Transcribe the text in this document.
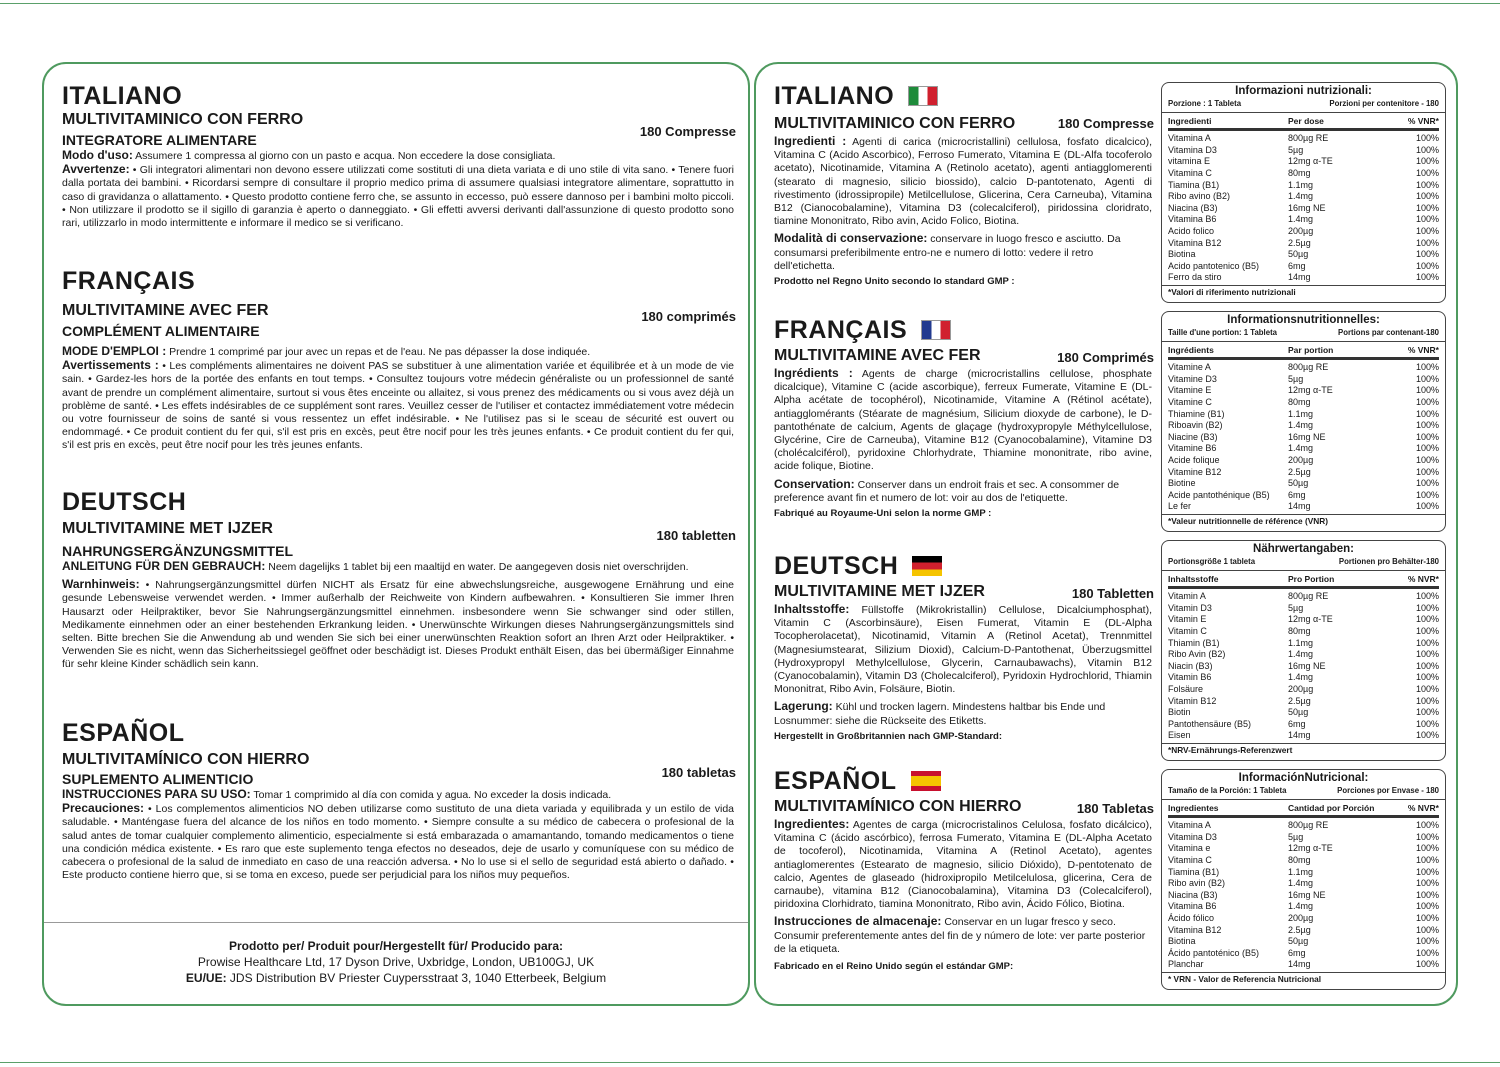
ITALIANO
MULTIVITAMINICO CON FERRO
180 Compresse
INTEGRATORE ALIMENTARE
Modo d'uso: Assumere 1 compressa al giorno con un pasto e acqua. Non eccedere la dose consigliata.
Avvertenze: • Gli integratori alimentari non devono essere utilizzati come sostituti di una dieta variata e di uno stile di vita sano. • Tenere fuori dalla portata dei bambini. • Ricordarsi sempre di consultare il proprio medico prima di assumere qualsiasi integratore alimentare, soprattutto in caso di gravidanza o allattamento. • Questo prodotto contiene ferro che, se assunto in eccesso, può essere dannoso per i bambini molto piccoli. • Non utilizzare il prodotto se il sigillo di garanzia è aperto o danneggiato. • Gli effetti avversi derivanti dall'assunzione di questo prodotto sono rari, utilizzarlo in modo intermittente e informare il medico se si verificano.
FRANÇAIS
MULTIVITAMINE AVEC FER	180 comprimés
COMPLÉMENT ALIMENTAIRE
MODE D'EMPLOI : Prendre 1 comprimé par jour avec un repas et de l'eau. Ne pas dépasser la dose indiquée.
Avertissements : • Les compléments alimentaires ne doivent PAS se substituer à une alimentation variée et équilibrée et à un mode de vie sain. • Gardez-les hors de la portée des enfants en tout temps. • Consultez toujours votre médecin généraliste ou un professionnel de santé avant de prendre un complément alimentaire, surtout si vous êtes enceinte ou allaitez, si vous prenez des médicaments ou si vous avez déjà un problème de santé. • Les effets indésirables de ce supplément sont rares. Veuillez cesser de l'utiliser et contactez immédiatement votre médecin ou votre fournisseur de soins de santé si vous ressentez un effet indésirable. • Ne l'utilisez pas si le sceau de sécurité est ouvert ou endommagé. • Ce produit contient du fer qui, s'il est pris en excès, peut être nocif pour les très jeunes enfants. • Ce produit contient du fer qui, s'il est pris en excès, peut être nocif pour les très jeunes enfants.
DEUTSCH
MULTIVITAMINE MET IJZER	180 tabletten
NAHRUNGSERGÄNZUNGSMITTEL
ANLEITUNG FÜR DEN GEBRAUCH: Neem dagelijks 1 tablet bij een maaltijd en water. De aangegeven dosis niet overschrijden.
Warnhinweis: • Nahrungsergänzungsmittel dürfen NICHT als Ersatz für eine abwechslungsreiche, ausgewogene Ernährung und eine gesunde Lebensweise verwendet werden. • Immer außerhalb der Reichweite von Kindern aufbewahren. • Konsultieren Sie immer Ihren Hausarzt oder Heilpraktiker, bevor Sie Nahrungsergänzungsmittel einnehmen. insbesondere wenn Sie schwanger sind oder stillen, Medikamente einnehmen oder an einer bestehenden Erkrankung leiden. • Unerwünschte Wirkungen dieses Nahrungsergänzungsmittels sind selten. Bitte brechen Sie die Anwendung ab und wenden Sie sich bei einer unerwünschten Reaktion sofort an Ihren Arzt oder Heilpraktiker. • Verwenden Sie es nicht, wenn das Sicherheitssiegel geöffnet oder beschädigt ist. Dieses Produkt enthält Eisen, das bei übermäßiger Einnahme für sehr kleine Kinder schädlich sein kann.
ESPAÑOL
MULTIVITAMÍNICO CON HIERRO
180 tabletas
SUPLEMENTO ALIMENTICIO
INSTRUCCIONES PARA SU USO: Tomar 1 comprimido al día con comida y agua. No exceder la dosis indicada.
Precauciones: • Los complementos alimenticios NO deben utilizarse como sustituto de una dieta variada y equilibrada y un estilo de vida saludable. • Manténgase fuera del alcance de los niños en todo momento. • Siempre consulte a su médico de cabecera o profesional de la salud antes de tomar cualquier complemento alimenticio, especialmente si está embarazada o amamantando, tomando medicamentos o tiene una condición médica existente. • Es raro que este suplemento tenga efectos no deseados, deje de usarlo y comuníquese con su médico de cabecera o profesional de la salud de inmediato en caso de una reacción adversa. • No lo use si el sello de seguridad está abierto o dañado. • Este producto contiene hierro que, si se toma en exceso, puede ser perjudicial para los niños muy pequeños.
Prodotto per/ Produit pour/Hergestellt für/ Producido para:
Prowise Healthcare Ltd, 17 Dyson Drive, Uxbridge, London, UB100GJ, UK
EU/UE: JDS Distribution BV Priester Cuypersstraat 3, 1040 Etterbeek, Belgium
ITALIANO
MULTIVITAMINICO CON FERRO	180 Compresse
Ingredienti : Agenti di carica (microcristallini) cellulosa, fosfato dicalcico), Vitamina C (Acido Ascorbico), Ferroso Fumerato, Vitamina E (DL-Alfa tocoferolo acetato), Nicotinamide, Vitamina A (Retinolo acetato), agenti antiagglomerenti (stearato di magnesio, silicio biossido), calcio D-pantotenato, Agenti di rivestimento (idrossipropile) Metilcellulose, Glicerina, Cera Carneuba), Vitamina B12 (Cianocobalamine), Vitamina D3 (colecalciferol), piridossina cloridrato, tiamine Mononitrato, Ribo avin, Acido Folico, Biotina.
Modalità di conservazione: conservare in luogo fresco e asciutto. Da consumarsi preferibilmente entro-ne e numero di lotto: vedere il retro dell'etichetta.
Prodotto nel Regno Unito secondo lo standard GMP :
FRANÇAIS
MULTIVITAMINE AVEC FER	180 Comprimés
Ingrédients : Agents de charge (microcristallins cellulose, phosphate dicalcique), Vitamine C (acide ascorbique), ferreux Fumerate, Vitamine E (DL-Alpha acétate de tocophérol), Nicotinamide, Vitamine A (Rétinol acétate), antiagglomérants (Stéarate de magnésium, Silicium dioxyde de carbone), le D-pantothénate de calcium, Agents de glaçage (hydroxypropyle Méthylcellulose, Glycérine, Cire de Carneuba), Vitamine B12 (Cyanocobalamine), Vitamine D3 (cholécalciférol), pyridoxine Chlorhydrate, Thiamine mononitrate, ribo avine, acide folique, Biotine.
Conservation: Conserver dans un endroit frais et sec. A consommer de preference avant fin et numero de lot: voir au dos de l'etiquette.
Fabriqué au Royaume-Uni selon la norme GMP :
DEUTSCH
MULTIVITAMINE MET IJZER	180 Tabletten
Inhaltsstoffe: Füllstoffe (Mikrokristallin) Cellulose, Dicalciumphosphat), Vitamin C (Ascorbinsäure), Eisen Fumerat, Vitamin E (DL-Alpha Tocopherolacetat), Nicotinamid, Vitamin A (Retinol Acetat), Trennmittel (Magnesiumstearat, Silizium Dioxid), Calcium-D-Pantothenat, Überzugsmittel (Hydroxypropyl Methylcellulose, Glycerin, Carnaubawachs), Vitamin B12 (Cyanocobalamin), Vitamin D3 (Cholecalciferol), Pyridoxin Hydrochlorid, Thiamin Mononitrat, Ribo Avin, Folsäure, Biotin.
Lagerung: Kühl und trocken lagern. Mindestens haltbar bis Ende und Losnummer: siehe die Rückseite des Etiketts.
Hergestellt in Großbritannien nach GMP-Standard:
ESPAÑOL
MULTIVITAMÍNICO CON HIERRO	180 Tabletas
Ingredientes: Agentes de carga (microcristalinos Celulosa, fosfato dicálcico), Vitamina C (ácido ascórbico), ferrosa Fumerato, Vitamina E (DL-Alpha Acetato de tocoferol), Nicotinamida, Vitamina A (Retinol Acetato), agentes antiaglomerentes (Estearato de magnesio, silicio Dióxido), D-pentotenato de calcio, Agentes de glaseado (hidroxipropilo Metilcelulosa, glicerina, Cera de carnaube), vitamina B12 (Cianocobalamina), Vitamina D3 (Colecalciferol), piridoxina Clorhidrato, tiamina Mononitrato, Ribo avin, Ácido Fólico, Biotina.
Instrucciones de almacenaje: Conservar en un lugar fresco y seco. Consumir preferentemente antes del fin de y número de lote: ver parte posterior de la etiqueta.
Fabricado en el Reino Unido según el estándar GMP:
Informazioni nutrizionali:
Porzione : 1 Tableta	Porzioni per contenitore - 180
Ingredienti	Per dose	% VNR*
Vitamina A	800µg RE	100%
Vitamina D3	5µg	100%
vitamina E	12mg α-TE	100%
Vitamina C	80mg	100%
Tiamina (B1)	1.1mg	100%
Ribo avino (B2)	1.4mg	100%
Niacina (B3)	16mg NE	100%
Vitamina B6	1.4mg	100%
Acido folico	200µg	100%
Vitamina B12	2.5µg	100%
Biotina	50µg	100%
Acido pantotenico (B5)	6mg	100%
Ferro da stiro	14mg	100%
*Valori di riferimento nutrizionali
Informationsnutritionnelles:
Taille d'une portion: 1 Tableta	Portions par contenant-180
Ingrédients	Par portion	% VNR*
Vitamine A	800µg RE	100%
Vitamine D3	5µg	100%
Vitamine E	12mg α-TE	100%
Vitamine C	80mg	100%
Thiamine (B1)	1.1mg	100%
Riboavin (B2)	1.4mg	100%
Niacine (B3)	16mg NE	100%
Vitamine B6	1.4mg	100%
Acide folique	200µg	100%
Vitamine B12	2.5µg	100%
Biotine	50µg	100%
Acide pantothénique (B5)	6mg	100%
Le fer	14mg	100%
*Valeur nutritionnelle de référence (VNR)
Nährwertangaben:
Portionsgröße 1 tableta	Portionen pro Behälter-180
Inhaltsstoffe	Pro Portion	% NVR*
Vitamin A	800µg RE	100%
Vitamin D3	5µg	100%
Vitamin E	12mg α-TE	100%
Vitamin C	80mg	100%
Thiamin (B1)	1.1mg	100%
Ribo Avin (B2)	1.4mg	100%
Niacin (B3)	16mg NE	100%
Vitamin B6	1.4mg	100%
Folsäure	200µg	100%
Vitamin B12	2.5µg	100%
Biotin	50µg	100%
Pantothensäure (B5)	6mg	100%
Eisen	14mg	100%
*NRV-Ernährungs-Referenzwert
InformaciónNutricional:
Tamaño de la Porción: 1 Tableta	Porciones por Envase - 180
Ingredientes	Cantidad por Porción	% NVR*
Vitamina A	800µg RE	100%
Vitamina D3	5µg	100%
Vitamina e	12mg α-TE	100%
Vitamina C	80mg	100%
Tiamina (B1)	1.1mg	100%
Ribo avin (B2)	1.4mg	100%
Niacina (B3)	16mg NE	100%
Vitamina B6	1.4mg	100%
Ácido fólico	200µg	100%
Vitamina B12	2.5µg	100%
Biotina	50µg	100%
Ácido pantoténico (B5)	6mg	100%
Planchar	14mg	100%
* VRN - Valor de Referencia Nutricional
